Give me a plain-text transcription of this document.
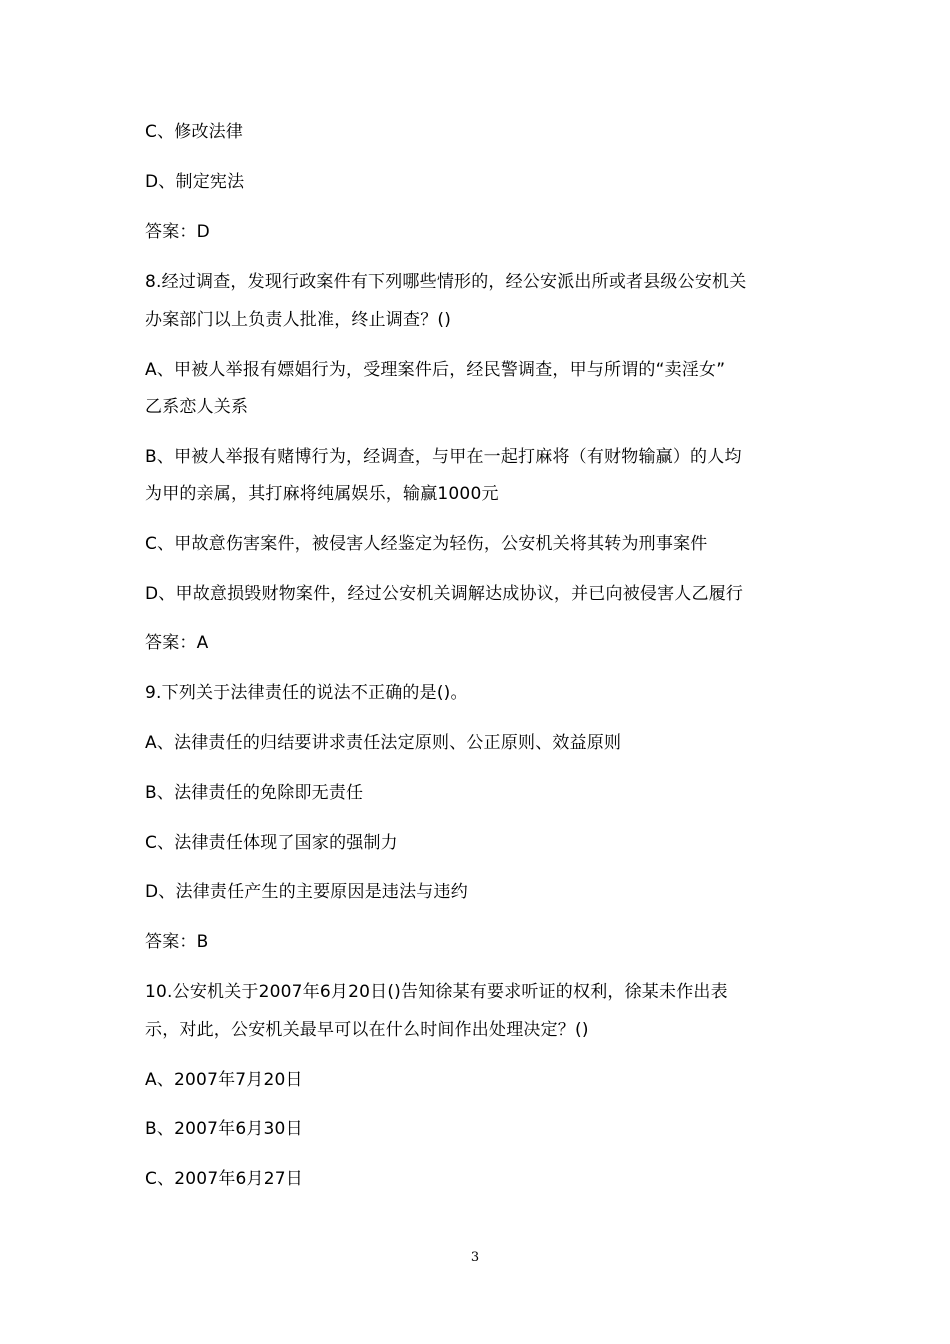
C、修改法律
D、制定宪法
答案：D
8.经过调查，发现行政案件有下列哪些情形的，经公安派出所或者县级公安机关
办案部门以上负责人批准，终止调查？()
A、甲被人举报有嫖娼行为，受理案件后，经民警调查，甲与所谓的“卖淫女”
乙系恋人关系
B、甲被人举报有赌博行为，经调查，与甲在一起打麻将（有财物输赢）的人均
为甲的亲属，其打麻将纯属娱乐，输赢1000元
C、甲故意伤害案件，被侵害人经鉴定为轻伤，公安机关将其转为刑事案件
D、甲故意损毁财物案件，经过公安机关调解达成协议，并已向被侵害人乙履行
答案：A
9.下列关于法律责任的说法不正确的是()。
A、法律责任的归结要讲求责任法定原则、公正原则、效益原则
B、法律责任的免除即无责任
C、法律责任体现了国家的强制力
D、法律责任产生的主要原因是违法与违约
答案：B
10.公安机关于2007年6月20日()告知徐某有要求听证的权利，徐某未作出表
示，对此，公安机关最早可以在什么时间作出处理决定？()
A、2007年7月20日
B、2007年6月30日
C、2007年6月27日
3
